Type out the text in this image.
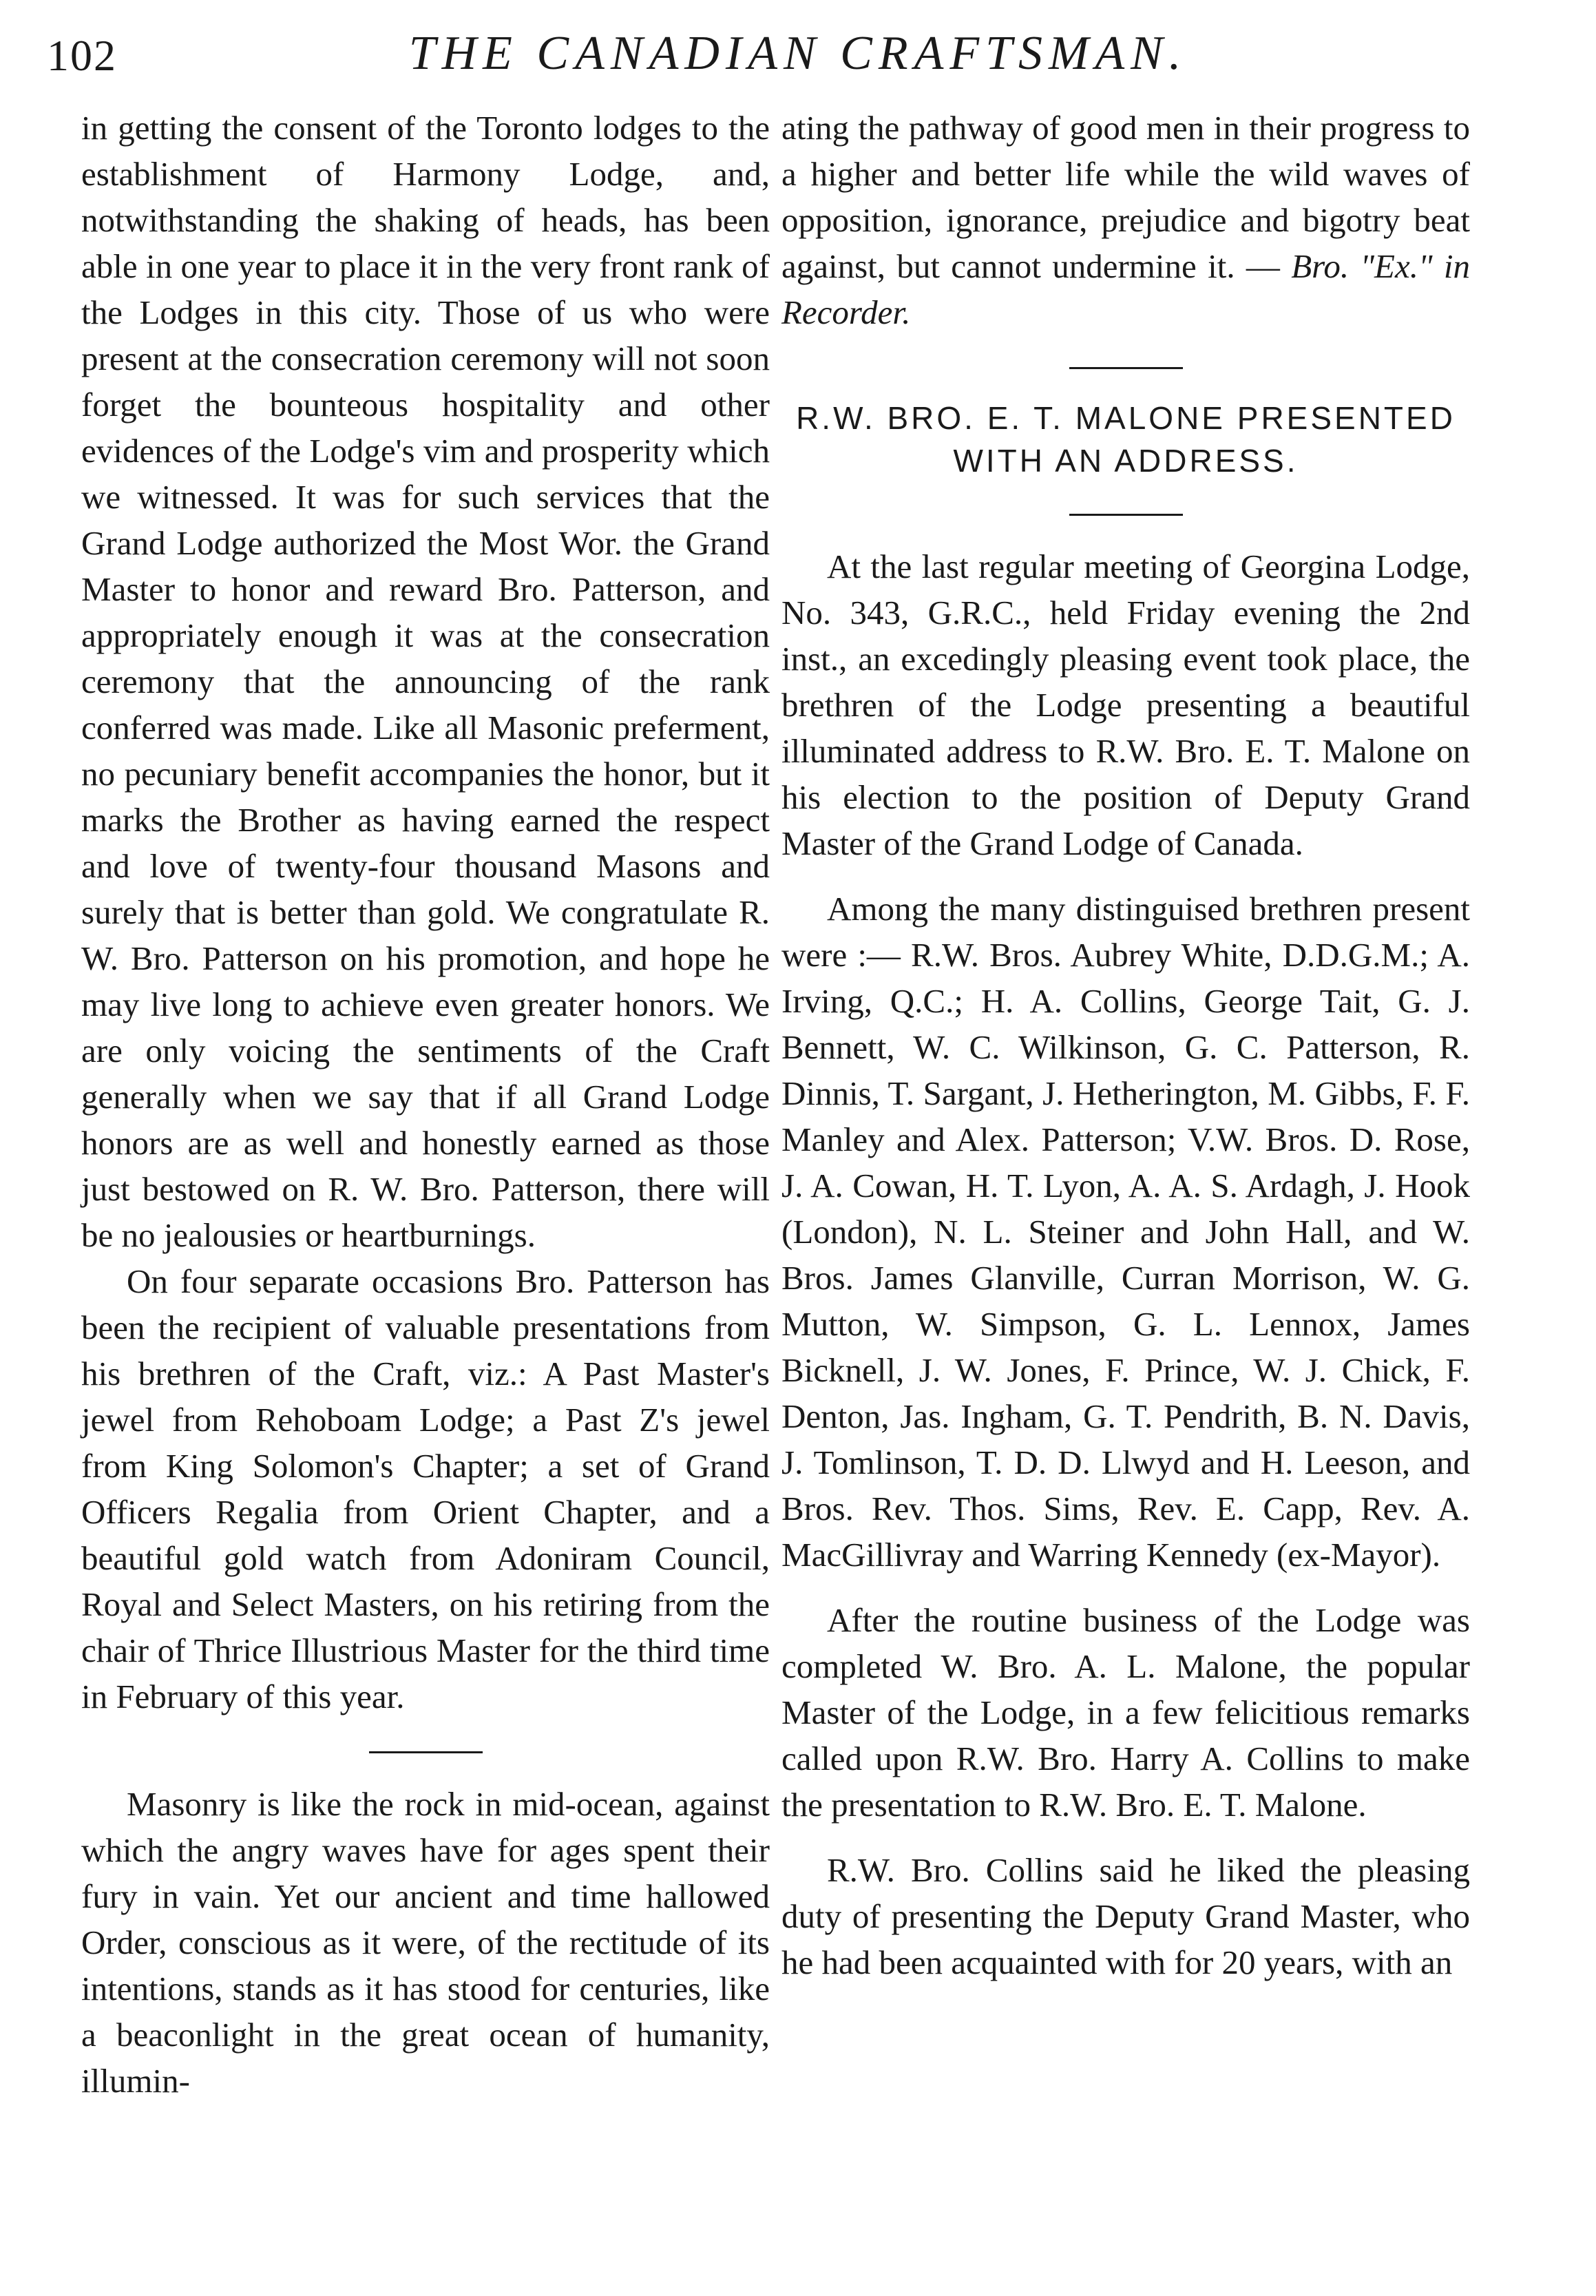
102	THE CANADIAN CRAFTSMAN.

in getting the consent of the Toronto lodges to the establishment of Harmony Lodge, and, notwithstanding the shaking of heads, has been able in one year to place it in the very front rank of the Lodges in this city. Those of us who were present at the consecration ceremony will not soon forget the bounteous hospitality and other evidences of the Lodge's vim and prosperity which we witnessed. It was for such services that the Grand Lodge authorized the Most Wor. the Grand Master to honor and reward Bro. Patterson, and appropriately enough it was at the consecration ceremony that the announcing of the rank conferred was made. Like all Masonic preferment, no pecuniary benefit accompanies the honor, but it marks the Brother as having earned the respect and love of twenty-four thousand Masons and surely that is better than gold. We congratulate R. W. Bro. Patterson on his promotion, and hope he may live long to achieve even greater honors. We are only voicing the sentiments of the Craft generally when we say that if all Grand Lodge honors are as well and honestly earned as those just bestowed on R. W. Bro. Patterson, there will be no jealousies or heartburnings.

On four separate occasions Bro. Patterson has been the recipient of valuable presentations from his brethren of the Craft, viz.: A Past Master's jewel from Rehoboam Lodge; a Past Z's jewel from King Solomon's Chapter; a set of Grand Officers Regalia from Orient Chapter, and a beautiful gold watch from Adoniram Council, Royal and Select Masters, on his retiring from the chair of Thrice Illustrious Master for the third time in February of this year.

Masonry is like the rock in mid-ocean, against which the angry waves have for ages spent their fury in vain. Yet our ancient and time hallowed Order, conscious as it were, of the rectitude of its intentions, stands as it has stood for centuries, like a beaconlight in the great ocean of humanity, illumin-

ating the pathway of good men in their progress to a higher and better life while the wild waves of opposition, ignorance, prejudice and bigotry beat against, but cannot undermine it. — Bro. "Ex." in Recorder.

R.W. BRO. E. T. MALONE PRESENTED WITH AN ADDRESS.

At the last regular meeting of Georgina Lodge, No. 343, G.R.C., held Friday evening the 2nd inst., an excedingly pleasing event took place, the brethren of the Lodge presenting a beautiful illuminated address to R.W. Bro. E. T. Malone on his election to the position of Deputy Grand Master of the Grand Lodge of Canada.

Among the many distinguised brethren present were :— R.W. Bros. Aubrey White, D.D.G.M.; A. Irving, Q.C.; H. A. Collins, George Tait, G. J. Bennett, W. C. Wilkinson, G. C. Patterson, R. Dinnis, T. Sargant, J. Hetherington, M. Gibbs, F. F. Manley and Alex. Patterson; V.W. Bros. D. Rose, J. A. Cowan, H. T. Lyon, A. A. S. Ardagh, J. Hook (London), N. L. Steiner and John Hall, and W. Bros. James Glanville, Curran Morrison, W. G. Mutton, W. Simpson, G. L. Lennox, James Bicknell, J. W. Jones, F. Prince, W. J. Chick, F. Denton, Jas. Ingham, G. T. Pendrith, B. N. Davis, J. Tomlinson, T. D. D. Llwyd and H. Leeson, and Bros. Rev. Thos. Sims, Rev. E. Capp, Rev. A. MacGillivray and Warring Kennedy (ex-Mayor).

After the routine business of the Lodge was completed W. Bro. A. L. Malone, the popular Master of the Lodge, in a few felicitious remarks called upon R.W. Bro. Harry A. Collins to make the presentation to R.W. Bro. E. T. Malone.

R.W. Bro. Collins said he liked the pleasing duty of presenting the Deputy Grand Master, who he had been acquainted with for 20 years, with an
